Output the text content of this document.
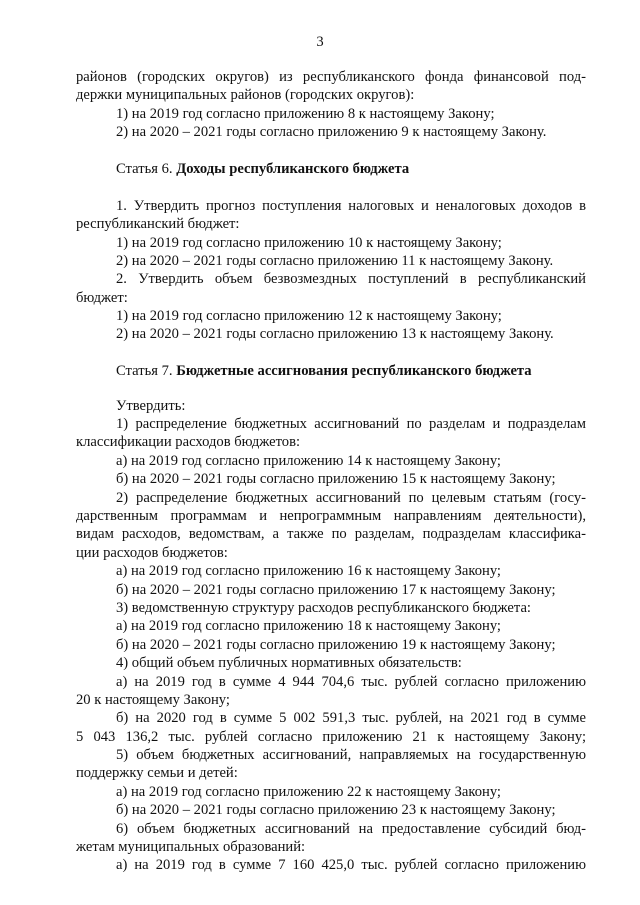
3
районов (городских округов) из республиканского фонда финансовой под-
держки муниципальных районов (городских округов):
1) на 2019 год согласно приложению 8 к настоящему Закону;
2) на 2020 – 2021 годы согласно приложению 9 к настоящему Закону.
Статья 6. Доходы республиканского бюджета
1. Утвердить прогноз поступления налоговых и неналоговых доходов в
республиканский бюджет:
1) на 2019 год согласно приложению 10 к настоящему Закону;
2) на 2020 – 2021 годы согласно приложению 11 к настоящему Закону.
2. Утвердить объем безвозмездных поступлений в республиканский
бюджет:
1) на 2019 год согласно приложению 12 к настоящему Закону;
2) на 2020 – 2021 годы согласно приложению 13 к настоящему Закону.
Статья 7. Бюджетные ассигнования республиканского бюджета
Утвердить:
1) распределение бюджетных ассигнований по разделам и подразделам
классификации расходов бюджетов:
а) на 2019 год согласно приложению 14 к настоящему Закону;
б) на 2020 – 2021 годы согласно приложению 15 к настоящему Закону;
2) распределение бюджетных ассигнований по целевым статьям (госу-
дарственным программам и непрограммным направлениям деятельности),
видам расходов, ведомствам, а также по разделам, подразделам классифика-
ции расходов бюджетов:
а) на 2019 год согласно приложению 16 к настоящему Закону;
б) на 2020 – 2021 годы согласно приложению 17 к настоящему Закону;
3) ведомственную структуру расходов республиканского бюджета:
а) на 2019 год согласно приложению 18 к настоящему Закону;
б) на 2020 – 2021 годы согласно приложению 19 к настоящему Закону;
4) общий объем публичных нормативных обязательств:
а) на 2019 год в сумме 4 944 704,6 тыс. рублей согласно приложению
20 к настоящему Закону;
б) на 2020 год в сумме 5 002 591,3 тыс. рублей, на 2021 год в сумме
5 043 136,2 тыс. рублей согласно приложению 21 к настоящему Закону;
5) объем бюджетных ассигнований, направляемых на государственную
поддержку семьи и детей:
а) на 2019 год согласно приложению 22 к настоящему Закону;
б) на 2020 – 2021 годы согласно приложению 23 к настоящему Закону;
6) объем бюджетных ассигнований на предоставление субсидий бюд-
жетам муниципальных образований:
а) на 2019 год в сумме 7 160 425,0 тыс. рублей согласно приложению
